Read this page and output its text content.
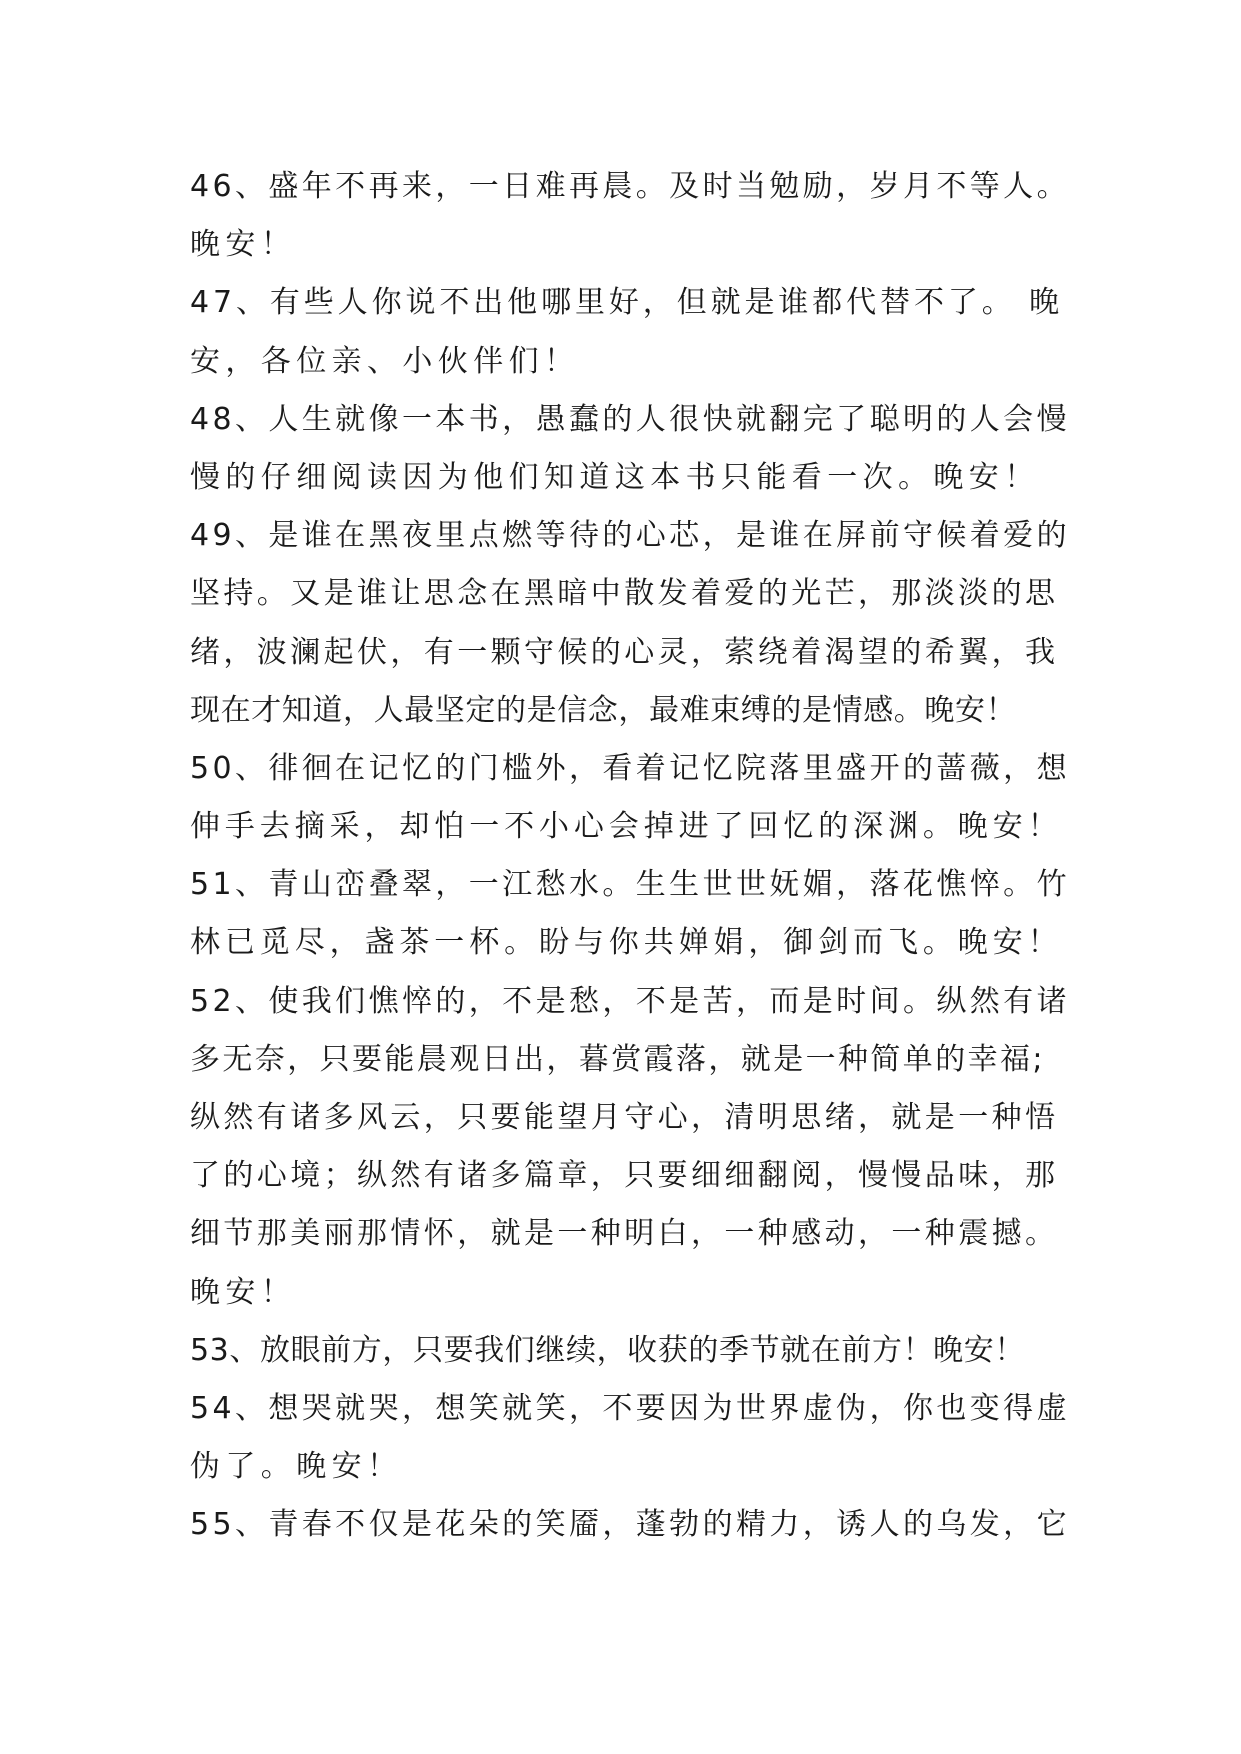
46、盛年不再来，一日难再晨。及时当勉励，岁月不等人。
晚安！
47、有些人你说不出他哪里好，但就是谁都代替不了。 晚
安，各位亲、小伙伴们！
48、人生就像一本书，愚蠢的人很快就翻完了聪明的人会慢
慢的仔细阅读因为他们知道这本书只能看一次。晚安！
49、是谁在黑夜里点燃等待的心芯，是谁在屏前守候着爱的
坚持。又是谁让思念在黑暗中散发着爱的光芒，那淡淡的思
绪，波澜起伏，有一颗守候的心灵，萦绕着渴望的希翼，我
现在才知道，人最坚定的是信念，最难束缚的是情感。晚安！
50、徘徊在记忆的门槛外，看着记忆院落里盛开的蔷薇，想
伸手去摘采，却怕一不小心会掉进了回忆的深渊。晚安！
51、青山峦叠翠，一江愁水。生生世世妩媚，落花憔悴。竹
林已觅尽，盏茶一杯。盼与你共婵娟，御剑而飞。晚安！
52、使我们憔悴的，不是愁，不是苦，而是时间。纵然有诸
多无奈，只要能晨观日出，暮赏霞落，就是一种简单的幸福;
纵然有诸多风云，只要能望月守心，清明思绪，就是一种悟
了的心境；纵然有诸多篇章，只要细细翻阅，慢慢品味，那
细节那美丽那情怀，就是一种明白，一种感动，一种震撼。
晚安！
53、放眼前方，只要我们继续，收获的季节就在前方！晚安！
54、想哭就哭，想笑就笑，不要因为世界虚伪，你也变得虚
伪了。晚安！
55、青春不仅是花朵的笑靥，蓬勃的精力，诱人的乌发，它
